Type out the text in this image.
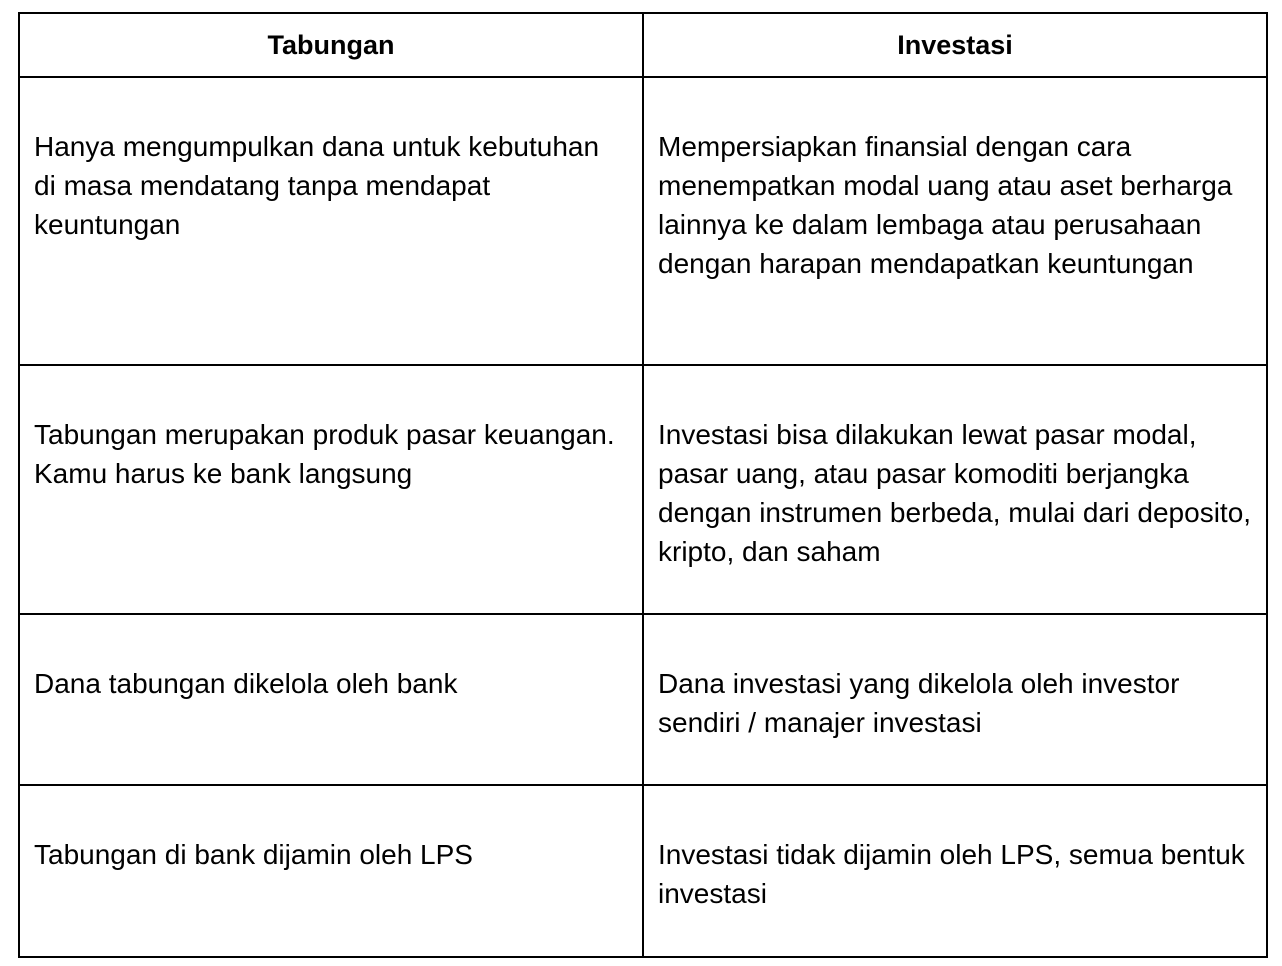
Tabungan	Investasi
Hanya mengumpulkan dana untuk kebutuhan di masa mendatang tanpa mendapat keuntungan	Mempersiapkan finansial dengan cara menempatkan modal uang atau aset berharga lainnya ke dalam lembaga atau perusahaan dengan harapan mendapatkan keuntungan
Tabungan merupakan produk pasar keuangan. Kamu harus ke bank langsung	Investasi bisa dilakukan lewat pasar modal, pasar uang, atau pasar komoditi berjangka dengan instrumen berbeda, mulai dari deposito, kripto, dan saham
Dana tabungan dikelola oleh bank	Dana investasi yang dikelola oleh investor sendiri / manajer investasi
Tabungan di bank dijamin oleh LPS	Investasi tidak dijamin oleh LPS, semua bentuk investasi
